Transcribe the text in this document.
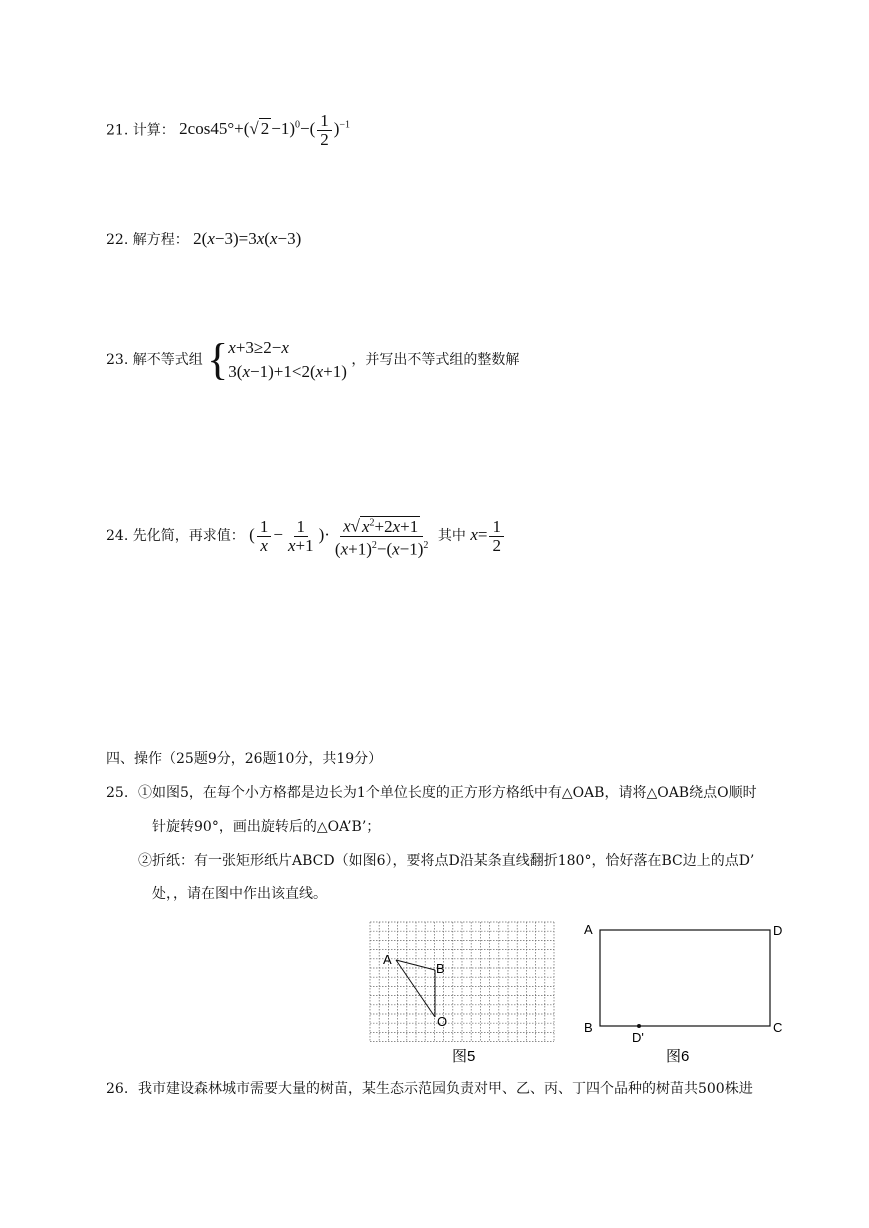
21. 计算： 2cos45°+(√ $2 -1)^0-( \frac{1}{2} )^{-1}$
22. 解方程： 2(x−3)=3x(x−3)
23. 解不等式组 { x+3≥2−x
3(x−1)+1<2(x+1)
，并写出不等式组的整数解
24. 先化简，再求值： ( $\frac{1}{x} - \frac{1}{x+1}$ )· $\frac{x√ x^2+2x+1}{(x+1)^2-(x-1)^2}$ 其中 $x= \frac{1}{2}$
四、操作（25题9分，26题10分，共19分）
25. ①如图5，在每个小方格都是边长为1个单位长度的正方形方格纸中有△OAB，请将△OAB绕点O顺时
针旋转90°，画出旋转后的△OA’B’；
②折纸：有一张矩形纸片ABCD（如图6），要将点D沿某条直线翻折180°，恰好落在BC边上的点D’
处，，请在图中作出该直线。
A
B
O
图5
A	D
B	C
D'
图6
26. 我市建设森林城市需要大量的树苗，某生态示范园负责对甲、乙、丙、丁四个品种的树苗共500株进
